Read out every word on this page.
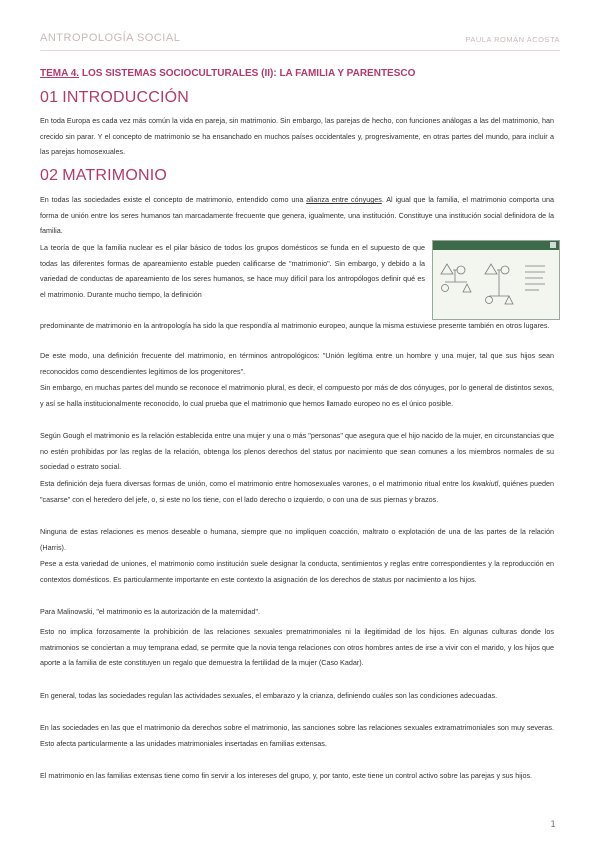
ANTROPOLOGÍA SOCIAL	PAULA ROMÁN ACOSTA
TEMA 4. LOS SISTEMAS SOCIOCULTURALES (II): LA FAMILIA Y PARENTESCO
01 INTRODUCCIÓN
En toda Europa es cada vez más común la vida en pareja, sin matrimonio. Sin embargo, las parejas de hecho, con funciones análogas a las del matrimonio, han crecido sin parar. Y el concepto de matrimonio se ha ensanchado en muchos países occidentales y, progresivamente, en otras partes del mundo, para incluir a las parejas homosexuales.
02 MATRIMONIO
En todas las sociedades existe el concepto de matrimonio, entendido como una alianza entre cónyuges. Al igual que la familia, el matrimonio comporta una forma de unión entre los seres humanos tan marcadamente frecuente que genera, igualmente, una institución. Constituye una institución social definidora de la familia.
La teoría de que la familia nuclear es el pilar básico de todos los grupos domésticos se funda en el supuesto de que todas las diferentes formas de apareamiento estable pueden calificarse de "matrimonio". Sin embargo, y debido a la variedad de conductas de apareamiento de los seres humanos, se hace muy difícil para los antropólogos definir qué es el matrimonio. Durante mucho tiempo, la definición
predominante de matrimonio en la antropología ha sido la que respondía al matrimonio europeo, aunque la misma estuviese presente también en otros lugares.
De este modo, una definición frecuente del matrimonio, en términos antropológicos: "Unión legítima entre un hombre y una mujer, tal que sus hijos sean reconocidos como descendientes legítimos de los progenitores".
Sin embargo, en muchas partes del mundo se reconoce el matrimonio plural, es decir, el compuesto por más de dos cónyuges, por lo general de distintos sexos, y así se halla institucionalmente reconocido, lo cual prueba que el matrimonio que hemos llamado europeo no es el único posible.
Según Gough el matrimonio es la relación establecida entre una mujer y una o más "personas" que asegura que el hijo nacido de la mujer, en circunstancias que no estén prohibidas por las reglas de la relación, obtenga los plenos derechos del status por nacimiento que sean comunes a los miembros normales de su sociedad o estrato social.
Esta definición deja fuera diversas formas de unión, como el matrimonio entre homosexuales varones, o el matrimonio ritual entre los kwakiutl, quiénes pueden "casarse" con el heredero del jefe, o, si este no los tiene, con el lado derecho o izquierdo, o con una de sus piernas y brazos.
Ninguna de estas relaciones es menos deseable o humana, siempre que no impliquen coacción, maltrato o explotación de una de las partes de la relación (Harris).
Pese a esta variedad de uniones, el matrimonio como institución suele designar la conducta, sentimientos y reglas entre correspondientes y la reproducción en contextos domésticos. Es particularmente importante en este contexto la asignación de los derechos de status por nacimiento a los hijos.
Para Malinowski, "el matrimonio es la autorización de la maternidad".
Esto no implica forzosamente la prohibición de las relaciones sexuales prematrimoniales ni la ilegitimidad de los hijos. En algunas culturas donde los matrimonios se conciertan a muy temprana edad, se permite que la novia tenga relaciones con otros hombres antes de irse a vivir con el marido, y los hijos que aporte a la familia de este constituyen un regalo que demuestra la fertilidad de la mujer (Caso Kadar).
En general, todas las sociedades regulan las actividades sexuales, el embarazo y la crianza, definiendo cuáles son las condiciones adecuadas.
En las sociedades en las que el matrimonio da derechos sobre el matrimonio, las sanciones sobre las relaciones sexuales extramatrimoniales son muy severas. Esto afecta particularmente a las unidades matrimoniales insertadas en familias extensas.
El matrimonio en las familias extensas tiene como fin servir a los intereses del grupo, y, por tanto, este tiene un control activo sobre las parejas y sus hijos.
1
